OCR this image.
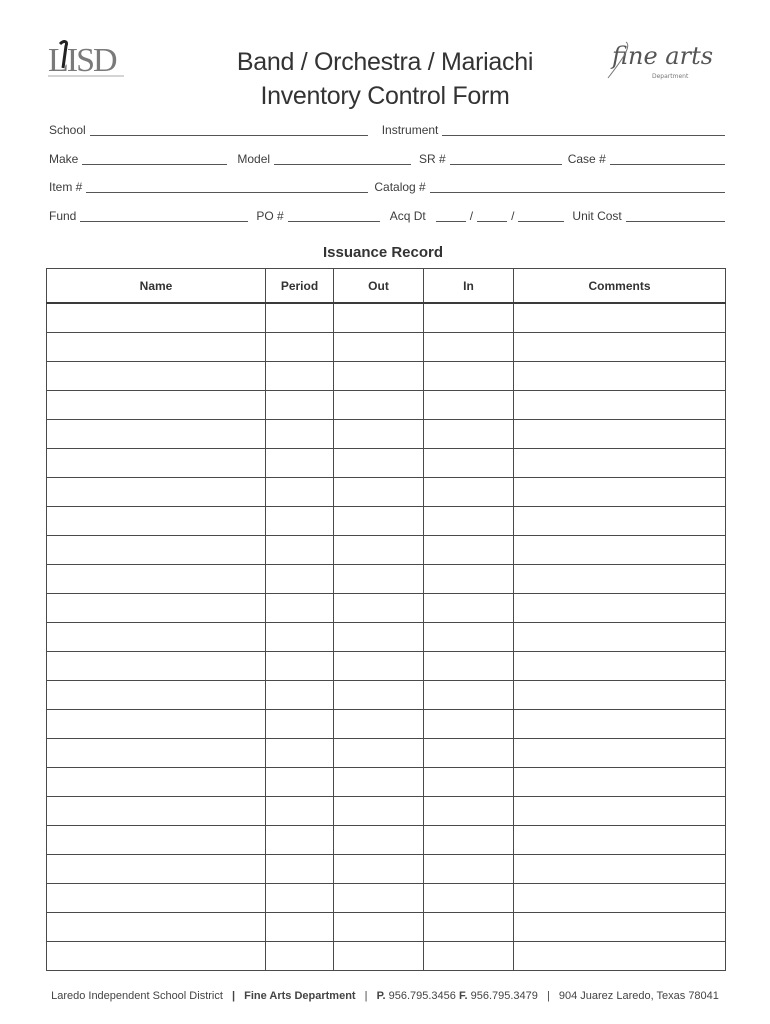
LISD	fine arts
Department
Band / Orchestra / Mariachi
Inventory Control Form
School	Instrument
Make	Model	SR #	Case #
Item #	Catalog #
Fund	PO #	Acq Dt	/	/	Unit Cost
Issuance Record
Name	Period	Out	In	Comments

Laredo Independent School District | Fine Arts Department | P. 956.795.3456 F. 956.795.3479 | 904 Juarez Laredo, Texas 78041
